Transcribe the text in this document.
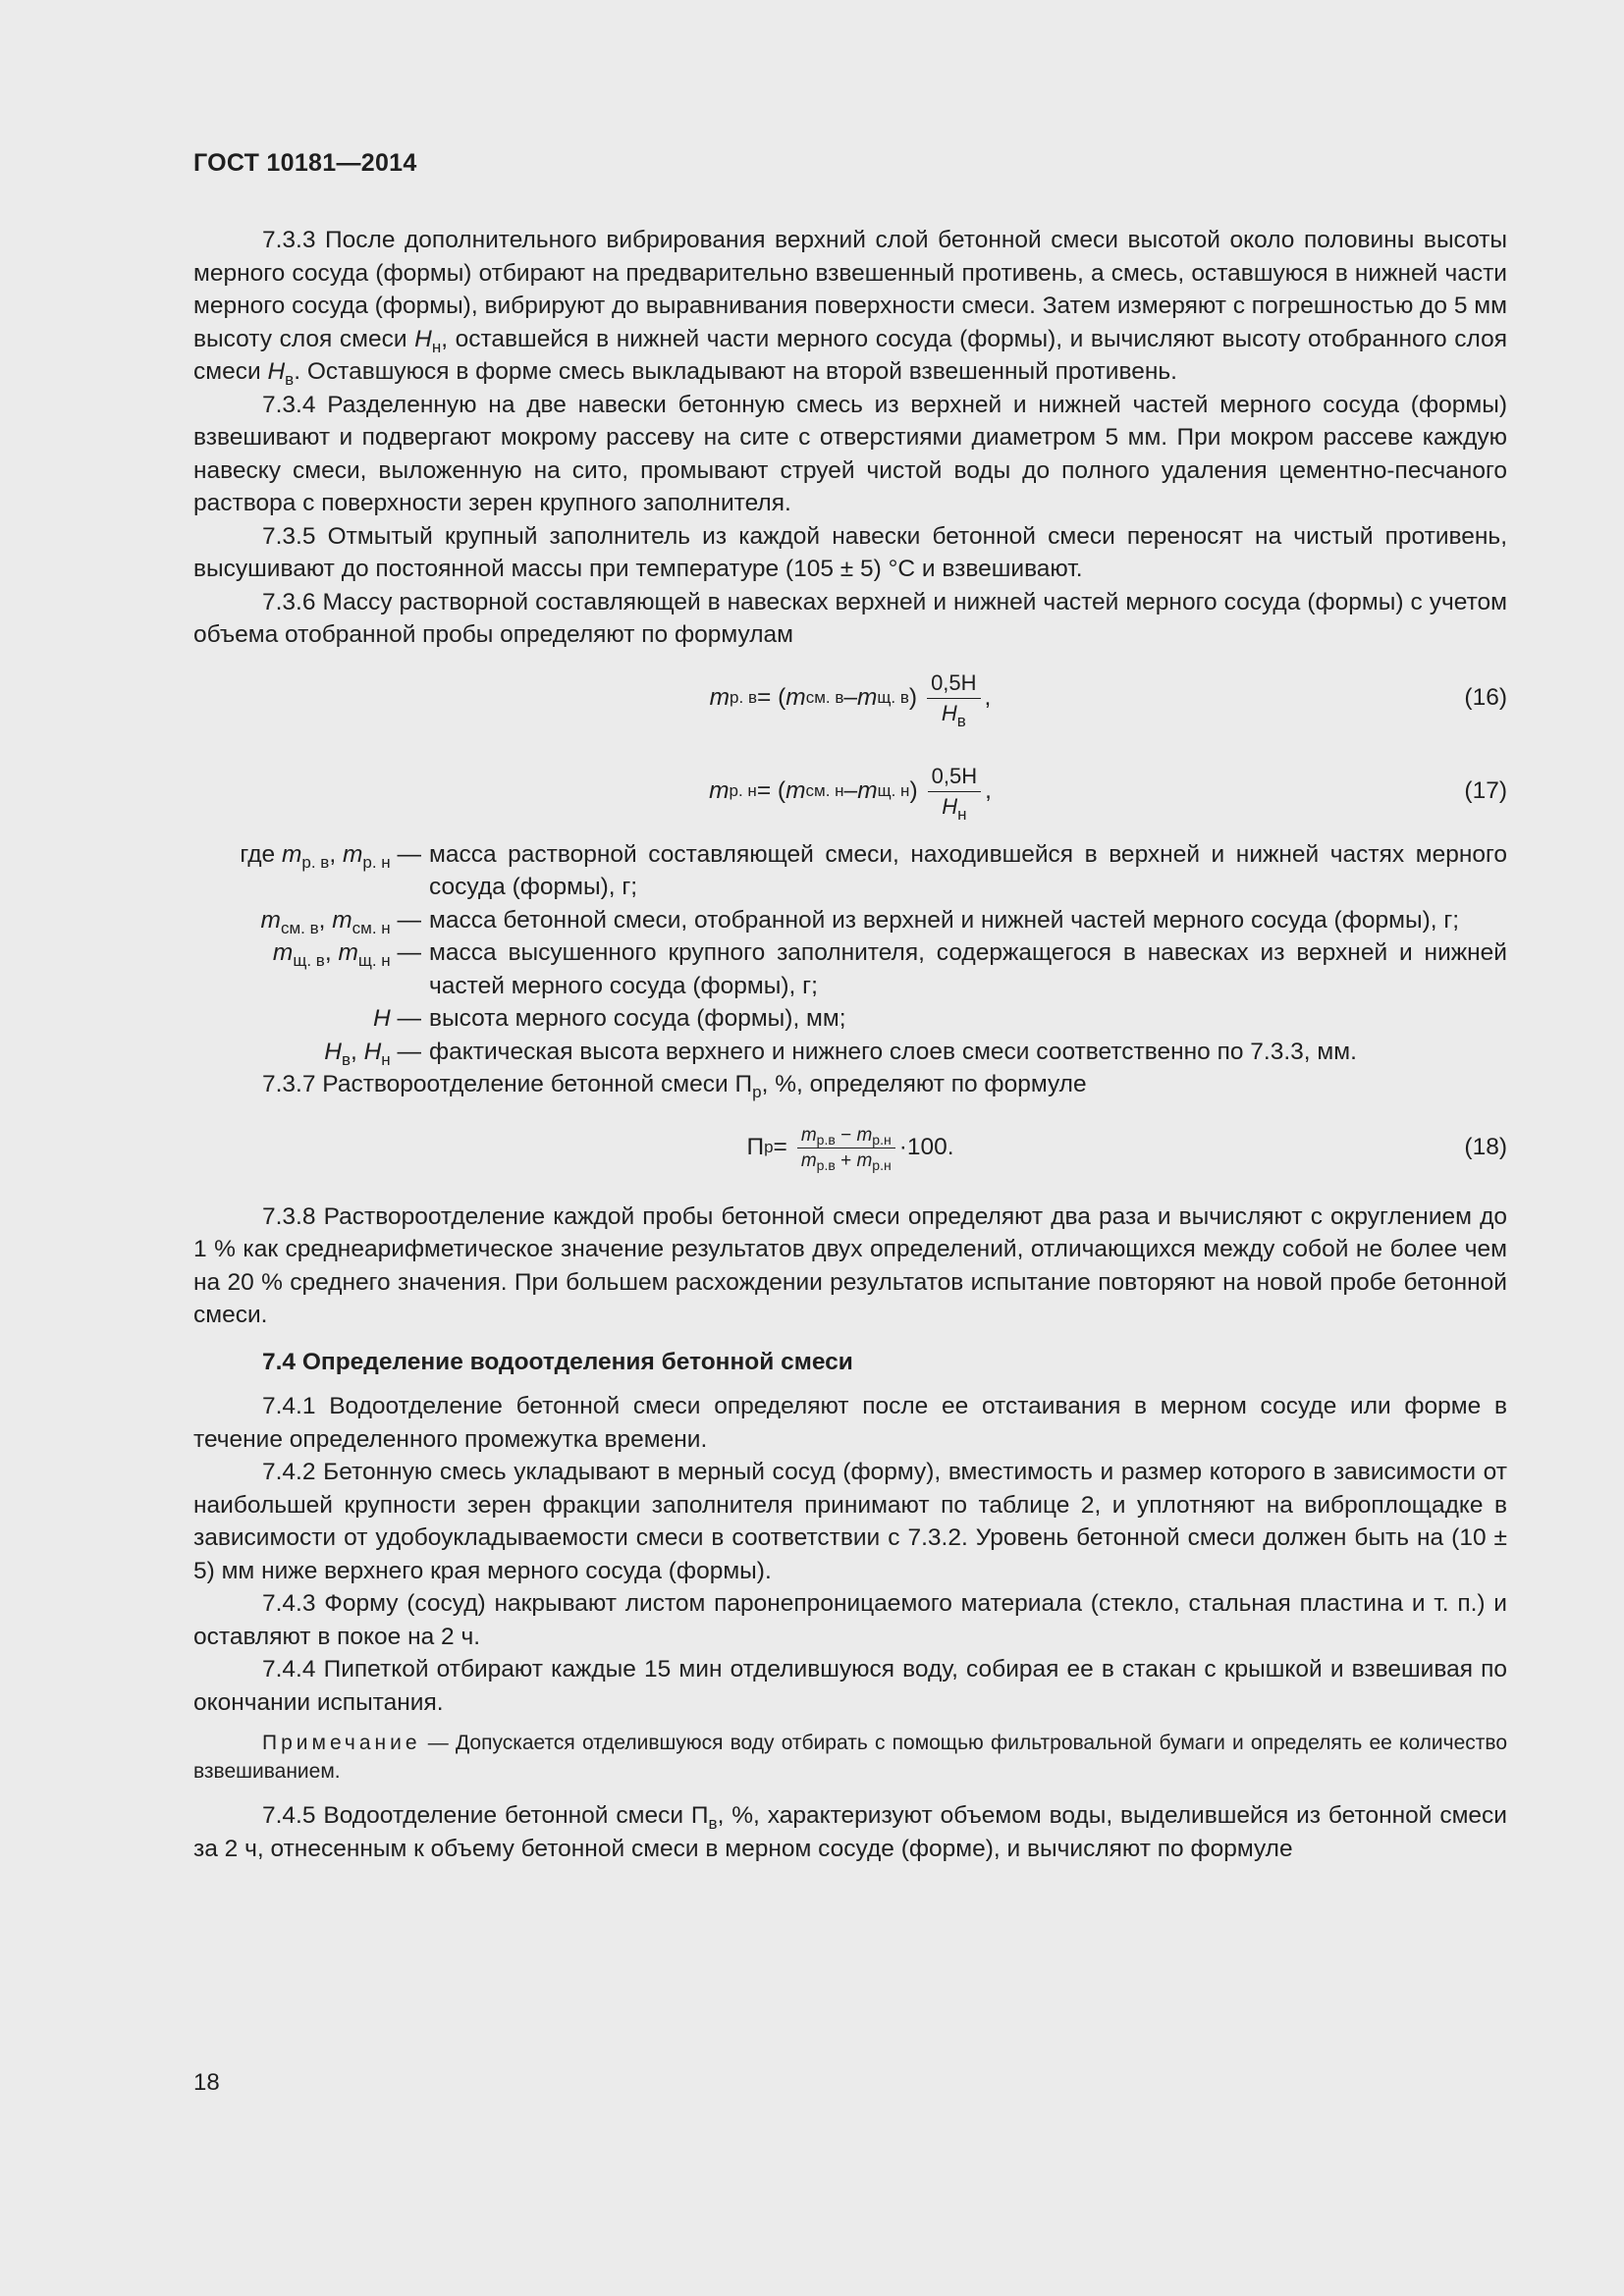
ГОСТ 10181—2014

7.3.3 После дополнительного вибрирования верхний слой бетонной смеси высотой около половины высоты мерного сосуда (формы) отбирают на предварительно взвешенный противень, а смесь, оставшуюся в нижней части мерного сосуда (формы), вибрируют до выравнивания поверхности смеси. Затем измеряют с погрешностью до 5 мм высоту слоя смеси $H_н$, оставшейся в нижней части мерного сосуда (формы), и вычисляют высоту отобранного слоя смеси $H_в$. Оставшуюся в форме смесь выкладывают на второй взвешенный противень.

7.3.4 Разделенную на две навески бетонную смесь из верхней и нижней частей мерного сосуда (формы) взвешивают и подвергают мокрому рассеву на сите с отверстиями диаметром 5 мм. При мокром рассеве каждую навеску смеси, выложенную на сито, промывают струей чистой воды до полного удаления цементно-песчаного раствора с поверхности зерен крупного заполнителя.

7.3.5 Отмытый крупный заполнитель из каждой навески бетонной смеси переносят на чистый противень, высушивают до постоянной массы при температуре (105 ± 5) °С и взвешивают.

7.3.6 Массу растворной составляющей в навесках верхней и нижней частей мерного сосуда (формы) с учетом объема отобранной пробы определяют по формулам

m р. в = ( m см. в – m щ. в ) $\frac{0,5H}{H_в}$ ,	(16)
m р. н = ( m см. н – m щ. н ) $\frac{0,5H}{H_н}$ ,	(17)
где $m_{р. в}$, $m_{р. н}$ — масса растворной составляющей смеси, находившейся в верхней и нижней частях мерного сосуда (формы), г;
$m_{см. в}$, $m_{см. н}$ — масса бетонной смеси, отобранной из верхней и нижней частей мерного сосуда (формы), г;
$m_{щ. в}$, $m_{щ. н}$ — масса высушенного крупного заполнителя, содержащегося в навесках из верхней и нижней частей мерного сосуда (формы), г;
H — высота мерного сосуда (формы), мм;
$H_в$, $H_н$ — фактическая высота верхнего и нижнего слоев смеси соответственно по 7.3.3, мм.

7.3.7 Раствороотделение бетонной смеси $П_р$, %, определяют по формуле

П $р = \frac{m_{р.в} - m_{р.н}}{m_{р.в} + m_{р.н}} \cdot 100$.	(18)

7.3.8 Раствороотделение каждой пробы бетонной смеси определяют два раза и вычисляют с округлением до 1 % как среднеарифметическое значение результатов двух определений, отличающихся между собой не более чем на 20 % среднего значения. При большем расхождении результатов испытание повторяют на новой пробе бетонной смеси.

7.4 Определение водоотделения бетонной смеси

7.4.1 Водоотделение бетонной смеси определяют после ее отстаивания в мерном сосуде или форме в течение определенного промежутка времени.

7.4.2 Бетонную смесь укладывают в мерный сосуд (форму), вместимость и размер которого в зависимости от наибольшей крупности зерен фракции заполнителя принимают по таблице 2, и уплотняют на виброплощадке в зависимости от удобоукладываемости смеси в соответствии с 7.3.2. Уровень бетонной смеси должен быть на (10 ± 5) мм ниже верхнего края мерного сосуда (формы).

7.4.3 Форму (сосуд) накрывают листом паронепроницаемого материала (стекло, стальная пластина и т. п.) и оставляют в покое на 2 ч.

7.4.4 Пипеткой отбирают каждые 15 мин отделившуюся воду, собирая ее в стакан с крышкой и взвешивая по окончании испытания.

Примечание — Допускается отделившуюся воду отбирать с помощью фильтровальной бумаги и определять ее количество взвешиванием.

7.4.5 Водоотделение бетонной смеси $П_в$, %, характеризуют объемом воды, выделившейся из бетонной смеси за 2 ч, отнесенным к объему бетонной смеси в мерном сосуде (форме), и вычисляют по формуле

18
